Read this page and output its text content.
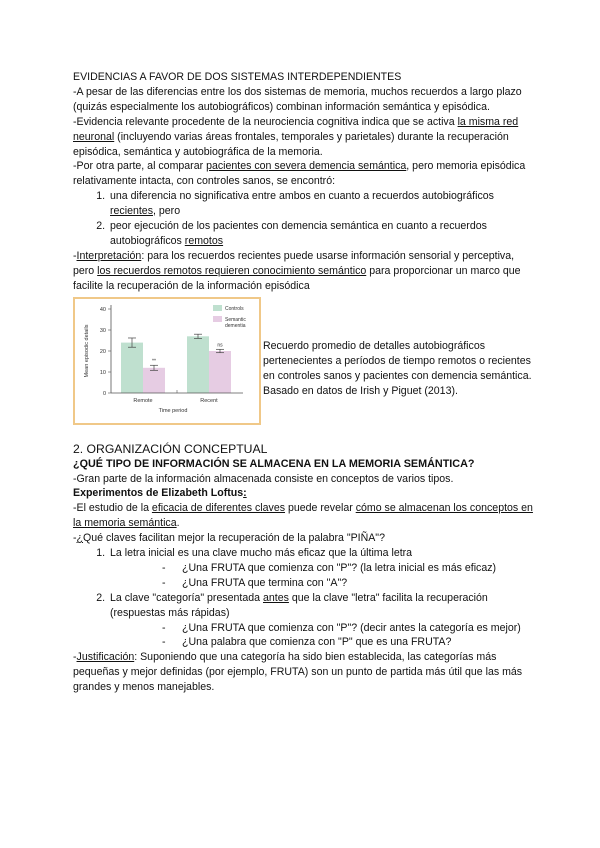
EVIDENCIAS A FAVOR DE DOS SISTEMAS INTERDEPENDIENTES

-A pesar de las diferencias entre los dos sistemas de memoria, muchos recuerdos a largo plazo (quizás especialmente los autobiográficos) combinan información semántica y episódica.

-Evidencia relevante procedente de la neurociencia cognitiva indica que se activa la misma red neuronal (incluyendo varias áreas frontales, temporales y parietales) durante la recuperación episódica, semántica y autobiográfica de la memoria.

-Por otra parte, al comparar pacientes con severa demencia semántica, pero memoria episódica relativamente intacta, con controles sanos, se encontró:

1. una diferencia no significativa entre ambos en cuanto a recuerdos autobiográficos recientes, pero
2. peor ejecución de los pacientes con demencia semántica en cuanto a recuerdos autobiográficos remotos

-Interpretación: para los recuerdos recientes puede usarse información sensorial y perceptiva, pero los recuerdos remotos requieren conocimiento semántico para proporcionar un marco que facilite la recuperación de la información episódica

0
10
20
30
40
**
Remote
ns
Recent
Mean episodic details
Time period
Controls
Semantic
dementia

Recuerdo promedio de detalles autobiográficos pertenecientes a períodos de tiempo remotos o recientes en controles sanos y pacientes con demencia semántica. Basado en datos de Irish y Piguet (2013).

2. ORGANIZACIÓN CONCEPTUAL

¿QUÉ TIPO DE INFORMACIÓN SE ALMACENA EN LA MEMORIA SEMÁNTICA?

-Gran parte de la información almacenada consiste en conceptos de varios tipos.

Experimentos de Elizabeth Loftus:

-El estudio de la eficacia de diferentes claves puede revelar cómo se almacenan los conceptos en la memoria semántica.

-¿Qué claves facilitan mejor la recuperación de la palabra "PIÑA"?

1. La letra inicial es una clave mucho más eficaz que la última letra
- ¿Una FRUTA que comienza con "P"? (la letra inicial es más eficaz)
- ¿Una FRUTA que termina con "A"?
2. La clave "categoría" presentada antes que la clave "letra" facilita la recuperación (respuestas más rápidas)
- ¿Una FRUTA que comienza con "P"? (decir antes la categoría es mejor)
- ¿Una palabra que comienza con "P" que es una FRUTA?

-Justificación: Suponiendo que una categoría ha sido bien establecida, las categorías más pequeñas y mejor definidas (por ejemplo, FRUTA) son un punto de partida más útil que las más grandes y menos manejables.
